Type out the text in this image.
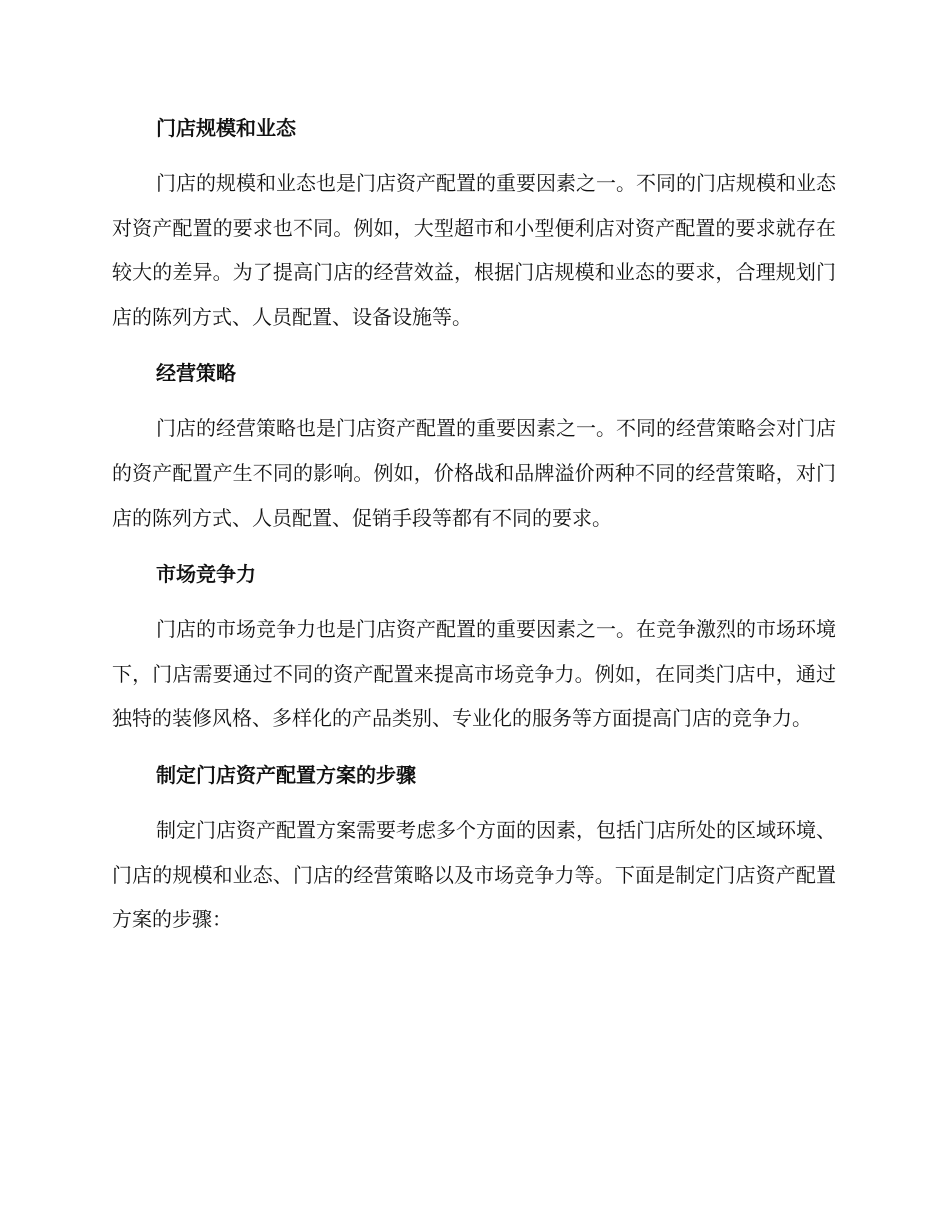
门店规模和业态

门店的规模和业态也是门店资产配置的重要因素之一。不同的门店规模和业态对资产配置的要求也不同。例如，大型超市和小型便利店对资产配置的要求就存在较大的差异。为了提高门店的经营效益，根据门店规模和业态的要求，合理规划门店的陈列方式、人员配置、设备设施等。

经营策略

门店的经营策略也是门店资产配置的重要因素之一。不同的经营策略会对门店的资产配置产生不同的影响。例如，价格战和品牌溢价两种不同的经营策略，对门店的陈列方式、人员配置、促销手段等都有不同的要求。

市场竞争力

门店的市场竞争力也是门店资产配置的重要因素之一。在竞争激烈的市场环境下，门店需要通过不同的资产配置来提高市场竞争力。例如，在同类门店中，通过独特的装修风格、多样化的产品类别、专业化的服务等方面提高门店的竞争力。

制定门店资产配置方案的步骤

制定门店资产配置方案需要考虑多个方面的因素，包括门店所处的区域环境、门店的规模和业态、门店的经营策略以及市场竞争力等。下面是制定门店资产配置方案的步骤：
